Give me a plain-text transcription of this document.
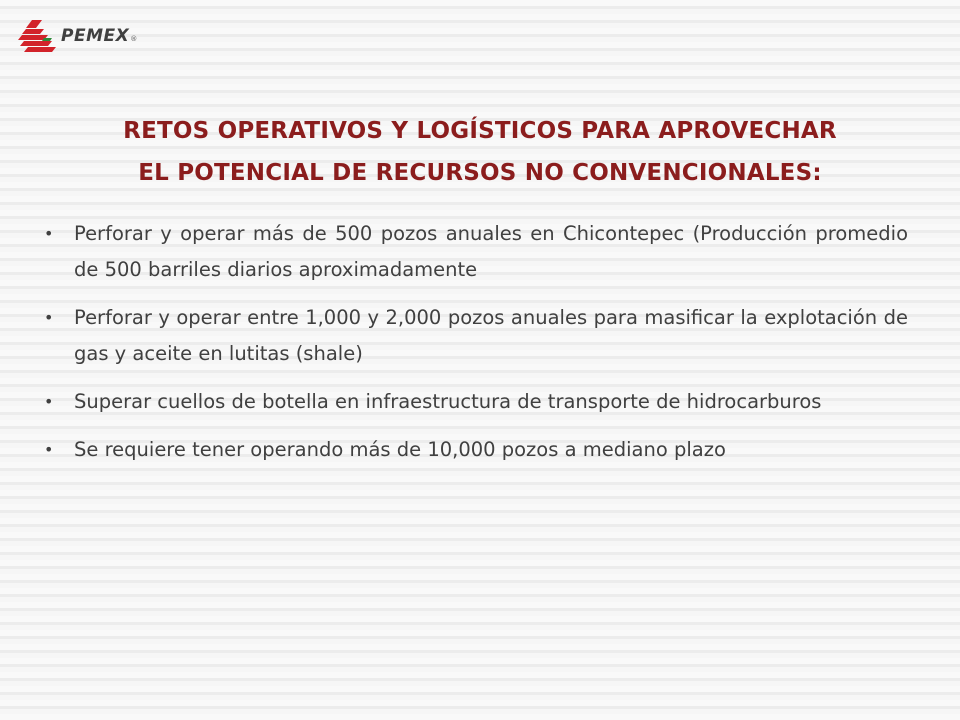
PEMEX ®
RETOS OPERATIVOS Y LOGÍSTICOS PARA APROVECHAR
EL POTENCIAL DE RECURSOS NO CONVENCIONALES:
• Perforar y operar más de 500 pozos anuales en Chicontepec (Producción promedio de 500 barriles diarios aproximadamente
• Perforar y operar entre 1,000 y 2,000 pozos anuales para masificar la explotación de gas y aceite en lutitas (shale)
• Superar cuellos de botella en infraestructura de transporte de hidrocarburos
• Se requiere tener operando más de 10,000 pozos a mediano plazo
